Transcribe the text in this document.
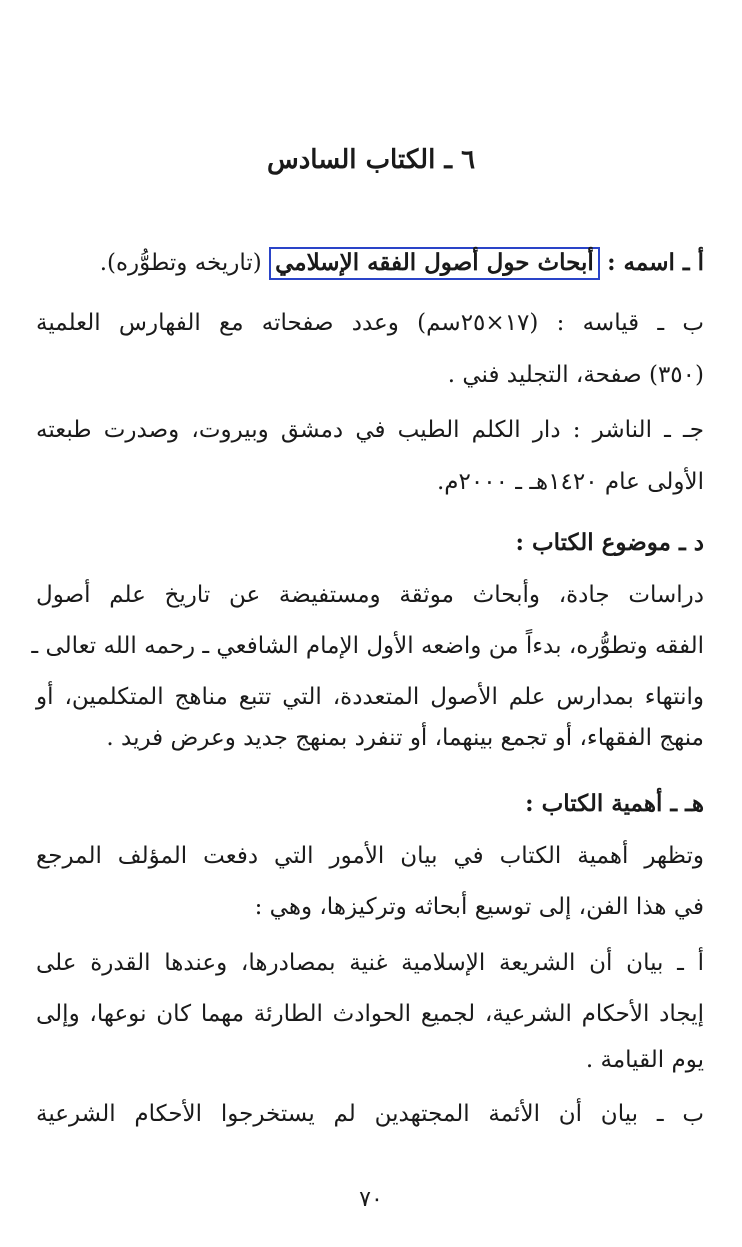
٦ ـ الكتاب السادس
أ ـ اسمه : أبحاث حول أصول الفقه الإسلامي (تاريخه وتطوُّره).
ب ـ قياسه : (١٧×٢٥سم) وعدد صفحاته مع الفهارس العلمية
(٣٥٠) صفحة، التجليد فني .
جـ ـ الناشر : دار الكلم الطيب في دمشق وبيروت، وصدرت طبعته
الأولى عام ١٤٢٠هـ ـ ٢٠٠٠م.
د ـ موضوع الكتاب :
دراسات جادة، وأبحاث موثقة ومستفيضة عن تاريخ علم أصول
الفقه وتطوُّره، بدءاً من واضعه الأول الإمام الشافعي ـ رحمه الله تعالى ـ
وانتهاء بمدارس علم الأصول المتعددة، التي تتبع مناهج المتكلمين، أو
منهج الفقهاء، أو تجمع بينهما، أو تنفرد بمنهج جديد وعرض فريد .
هـ ـ أهمية الكتاب :
وتظهر أهمية الكتاب في بيان الأمور التي دفعت المؤلف المرجع
في هذا الفن، إلى توسيع أبحاثه وتركيزها، وهي :
أ ـ بيان أن الشريعة الإسلامية غنية بمصادرها، وعندها القدرة على
إيجاد الأحكام الشرعية، لجميع الحوادث الطارئة مهما كان نوعها، وإلى
يوم القيامة .
ب ـ بيان أن الأئمة المجتهدين لم يستخرجوا الأحكام الشرعية
٧٠
